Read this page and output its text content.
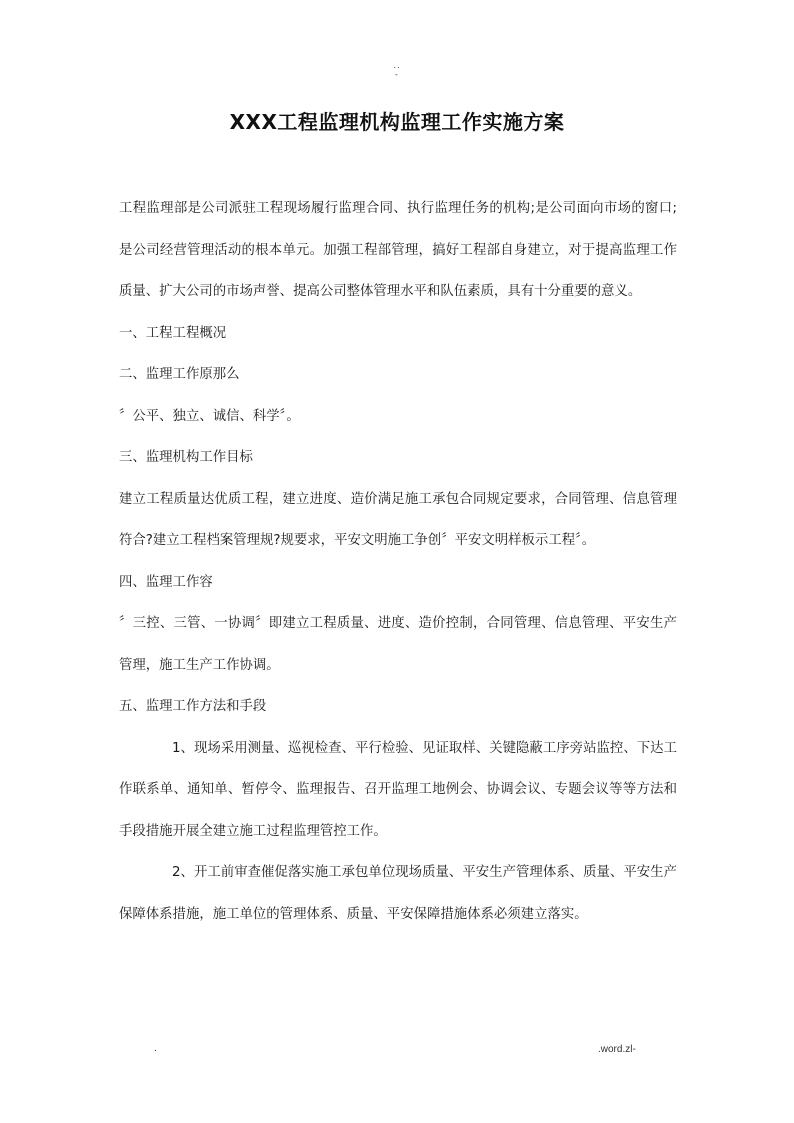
..
-
XXX工程监理机构监理工作实施方案

工程监理部是公司派驻工程现场履行监理合同、执行监理任务的机构;是公司面向市场的窗口;是公司经营管理活动的根本单元。加强工程部管理，搞好工程部自身建立，对于提高监理工作质量、扩大公司的市场声誉、提高公司整体管理水平和队伍素质，具有十分重要的意义。

一、工程工程概况

二、监理工作原那么

〞公平、独立、诚信、科学〞。

三、监理机构工作目标

建立工程质量达优质工程，建立进度、造价满足施工承包合同规定要求，合同管理、信息管理符合?建立工程档案管理规?规要求，平安文明施工争创〞平安文明样板示工程〞。

四、监理工作容

〞三控、三管、一协调〞即建立工程质量、进度、造价控制，合同管理、信息管理、平安生产管理，施工生产工作协调。

五、监理工作方法和手段

1、现场采用测量、巡视检查、平行检验、见证取样、关键隐蔽工序旁站监控、下达工作联系单、通知单、暂停令、监理报告、召开监理工地例会、协调会议、专题会议等等方法和手段措施开展全建立施工过程监理管控工作。

2、开工前审查催促落实施工承包单位现场质量、平安生产管理体系、质量、平安生产保障体系措施，施工单位的管理体系、质量、平安保障措施体系必须建立落实。

.	.word.zl-
